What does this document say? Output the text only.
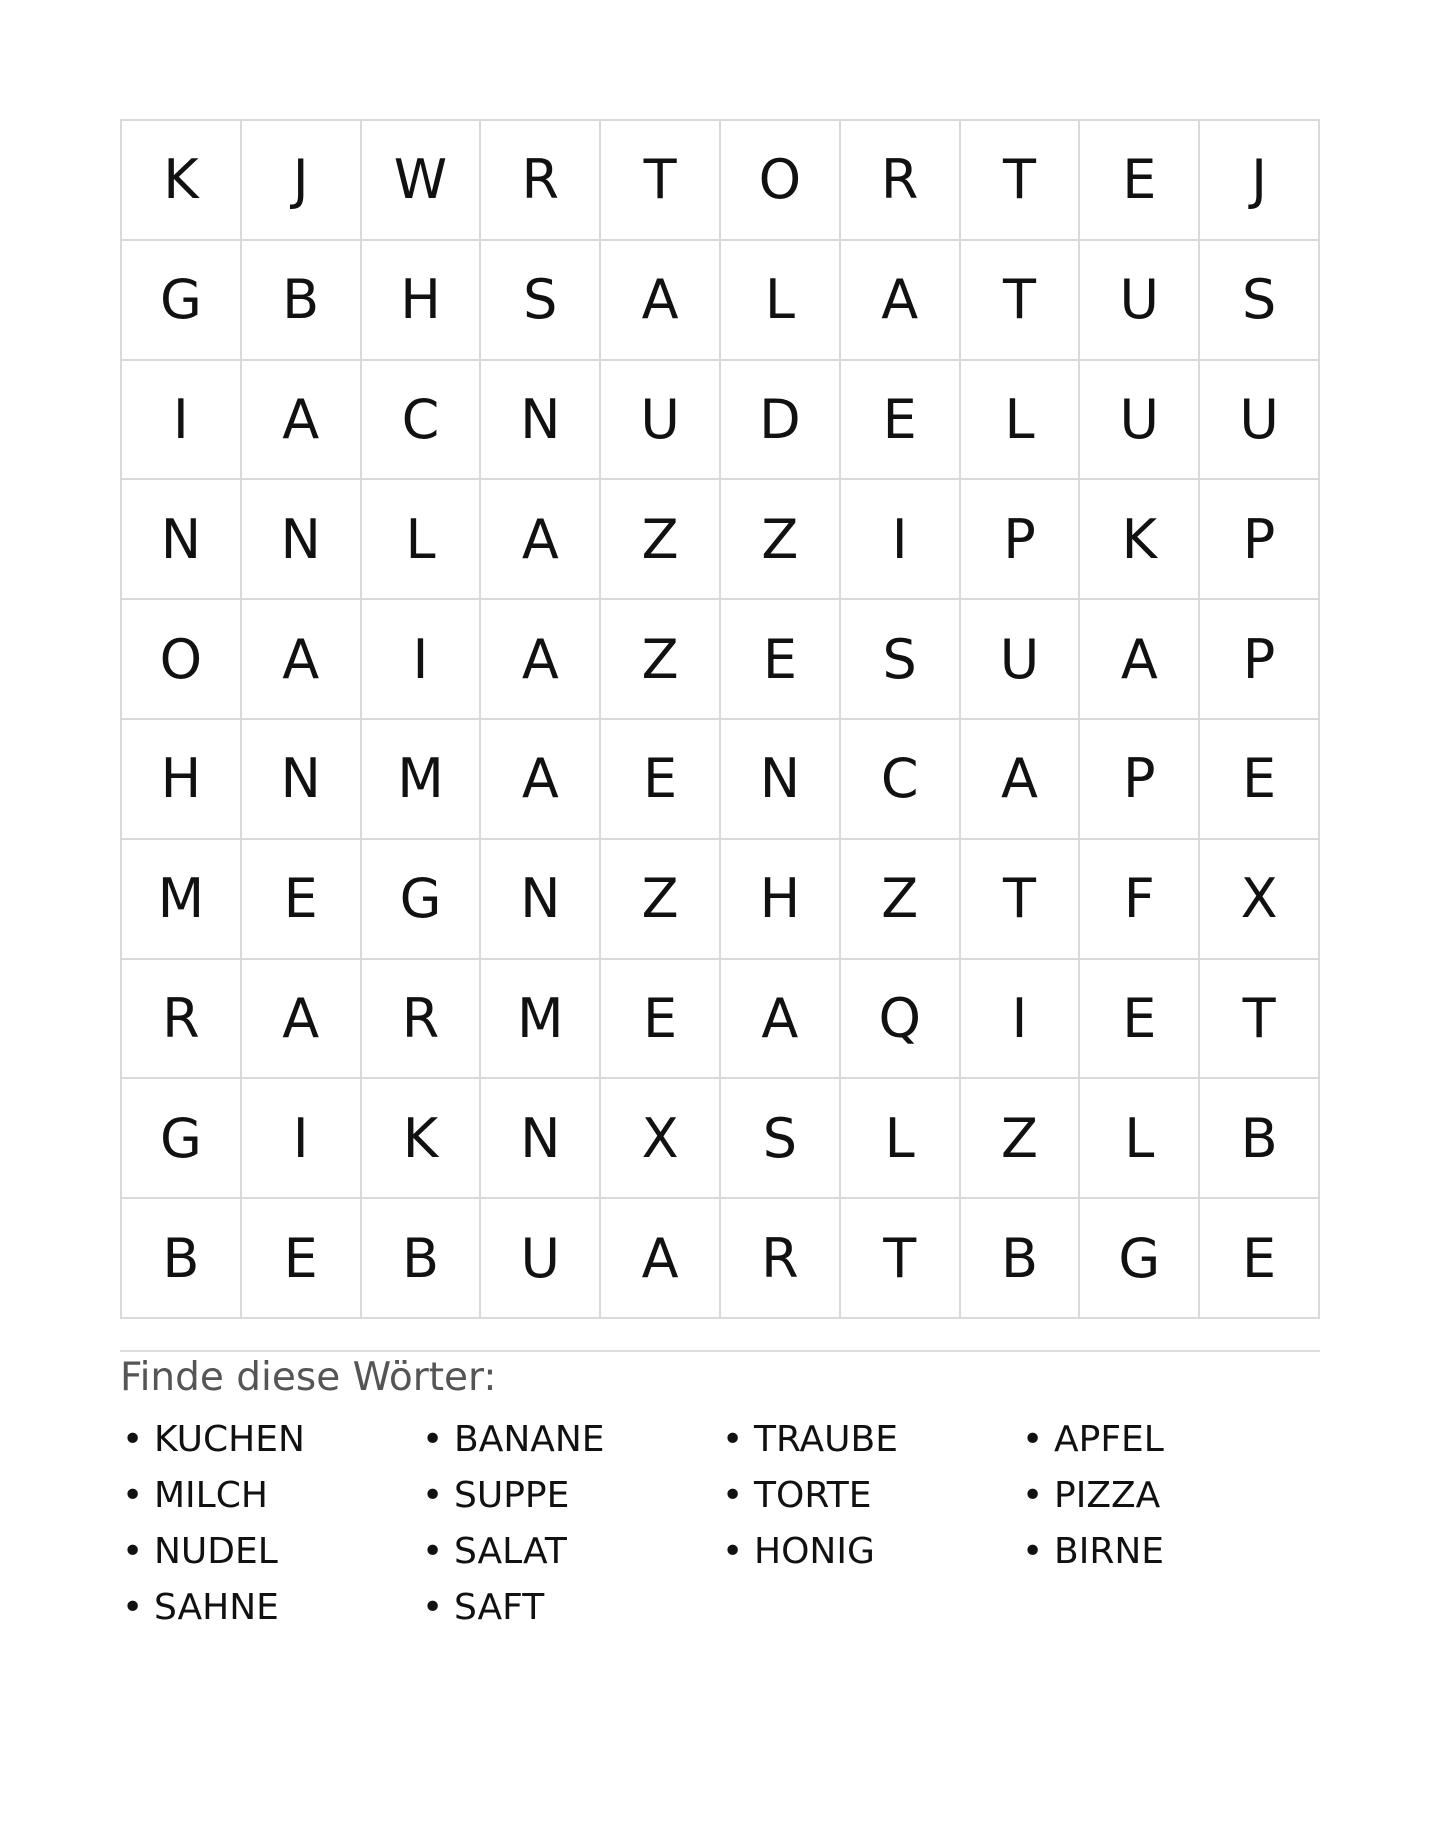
K	J	W	R	T	O	R	T	E	J
G	B	H	S	A	L	A	T	U	S
I	A	C	N	U	D	E	L	U	U
N	N	L	A	Z	Z	I	P	K	P
O	A	I	A	Z	E	S	U	A	P
H	N	M	A	E	N	C	A	P	E
M	E	G	N	Z	H	Z	T	F	X
R	A	R	M	E	A	Q	I	E	T
G	I	K	N	X	S	L	Z	L	B
B	E	B	U	A	R	T	B	G	E
Finde diese Wörter:
• KUCHEN	• BANANE	• TRAUBE	• APFEL
• MILCH	• SUPPE	• TORTE	• PIZZA
• NUDEL	• SALAT	• HONIG	• BIRNE
• SAHNE	• SAFT
